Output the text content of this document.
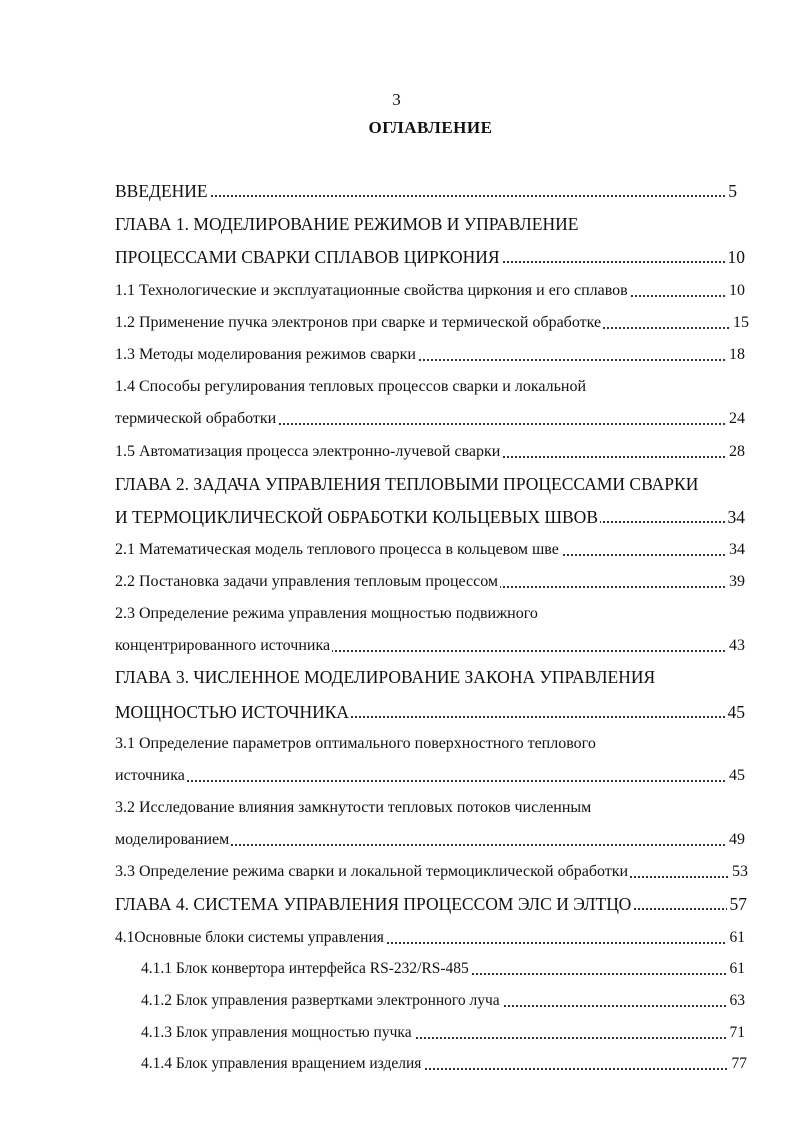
3
ОГЛАВЛЕНИЕ
ВВЕДЕНИЕ	5
ГЛАВА 1. МОДЕЛИРОВАНИЕ РЕЖИМОВ И УПРАВЛЕНИЕ
ПРОЦЕССАМИ СВАРКИ СПЛАВОВ ЦИРКОНИЯ	10
1.1 Технологические и эксплуатационные свойства циркония и его сплавов	10
1.2 Применение пучка электронов при сварке и термической обработке	15
1.3 Методы моделирования режимов сварки	18
1.4 Способы регулирования тепловых процессов сварки и локальной
термической обработки	24
1.5 Автоматизация процесса электронно-лучевой сварки	28
ГЛАВА 2. ЗАДАЧА УПРАВЛЕНИЯ ТЕПЛОВЫМИ ПРОЦЕССАМИ СВАРКИ
И ТЕРМОЦИКЛИЧЕСКОЙ ОБРАБОТКИ КОЛЬЦЕВЫХ ШВОВ	34
2.1 Математическая модель теплового процесса в кольцевом шве	34
2.2 Постановка задачи управления тепловым процессом	39
2.3 Определение режима управления мощностью подвижного
концентрированного источника	43
ГЛАВА 3. ЧИСЛЕННОЕ МОДЕЛИРОВАНИЕ ЗАКОНА УПРАВЛЕНИЯ
МОЩНОСТЬЮ ИСТОЧНИКА	45
3.1 Определение параметров оптимального поверхностного теплового
источника	45
3.2 Исследование влияния замкнутости тепловых потоков численным
моделированием	49
3.3 Определение режима сварки и локальной термоциклической обработки	53
ГЛАВА 4. СИСТЕМА УПРАВЛЕНИЯ ПРОЦЕССОМ ЭЛС И ЭЛТЦО	57
4.1Основные блоки системы управления	61
4.1.1 Блок конвертора интерфейса RS-232/RS-485	61
4.1.2 Блок управления развертками электронного луча	63
4.1.3 Блок управления мощностью пучка	71
4.1.4 Блок управления вращением изделия	77
